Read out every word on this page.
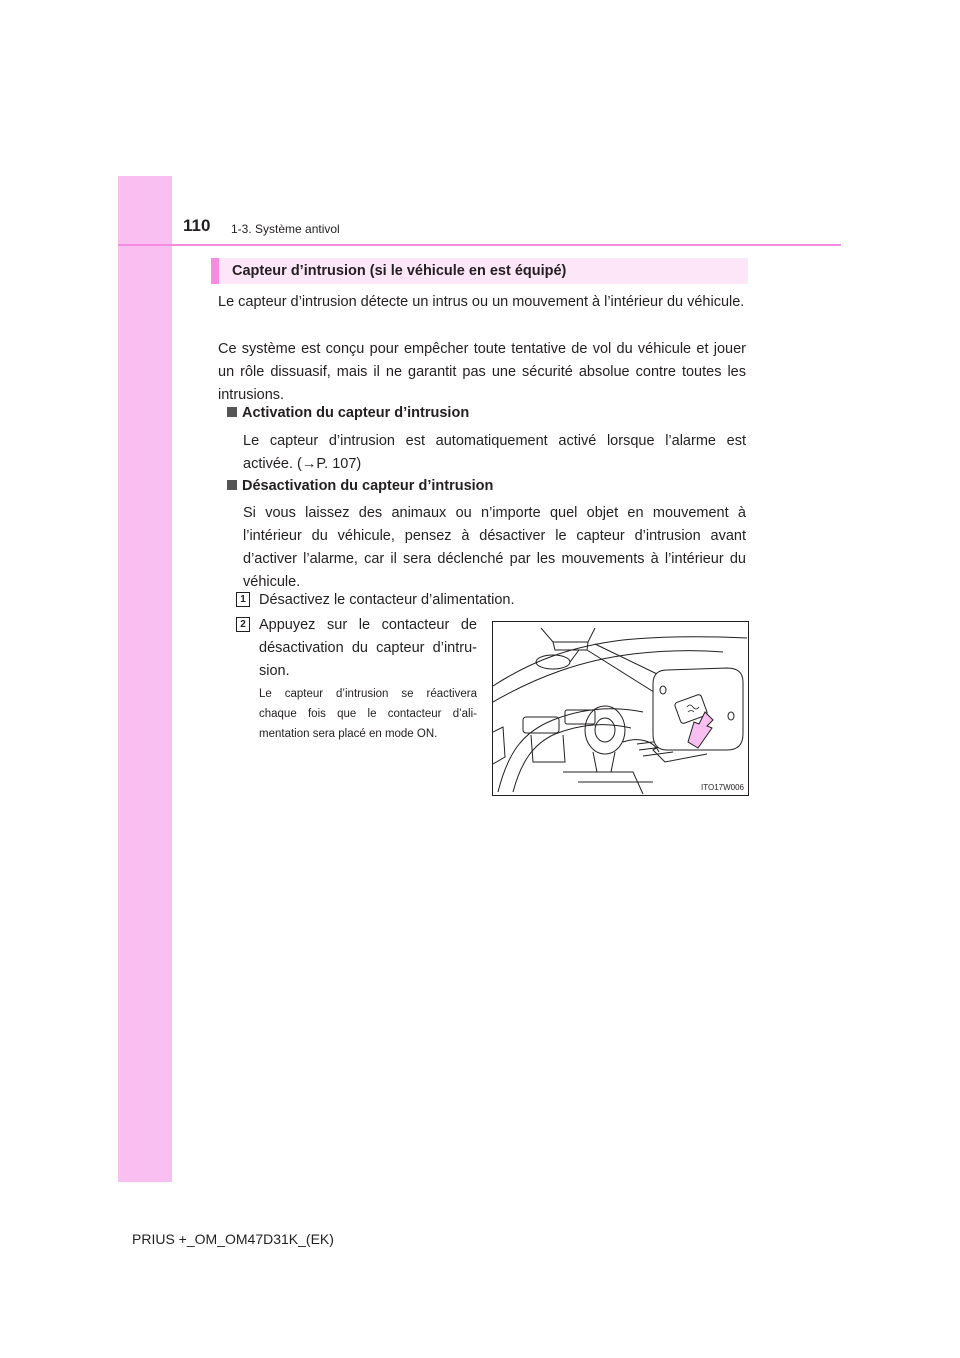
110 1-3. Système antivol
Capteur d’intrusion (si le véhicule en est équipé)
Le capteur d’intrusion détecte un intrus ou un mouvement à l’intérieur du véhicule.
Ce système est conçu pour empêcher toute tentative de vol du véhicule et jouer un rôle dissuasif, mais il ne garantit pas une sécurité absolue contre toutes les intrusions.
Activation du capteur d’intrusion
Le capteur d’intrusion est automatiquement activé lorsque l’alarme est activée. (→P. 107)
Désactivation du capteur d’intrusion
Si vous laissez des animaux ou n’importe quel objet en mouvement à l’intérieur du véhicule, pensez à désactiver le capteur d’intrusion avant d’activer l’alarme, car il sera déclenché par les mouvements à l’intérieur du véhicule.
1 Désactivez le contacteur d’alimentation.
2 Appuyez sur le contacteur de désactivation du capteur d’intru-sion.
Le capteur d’intrusion se réactivera chaque fois que le contacteur d’ali-mentation sera placé en mode ON.
ITO17W006
PRIUS +_OM_OM47D31K_(EK)
